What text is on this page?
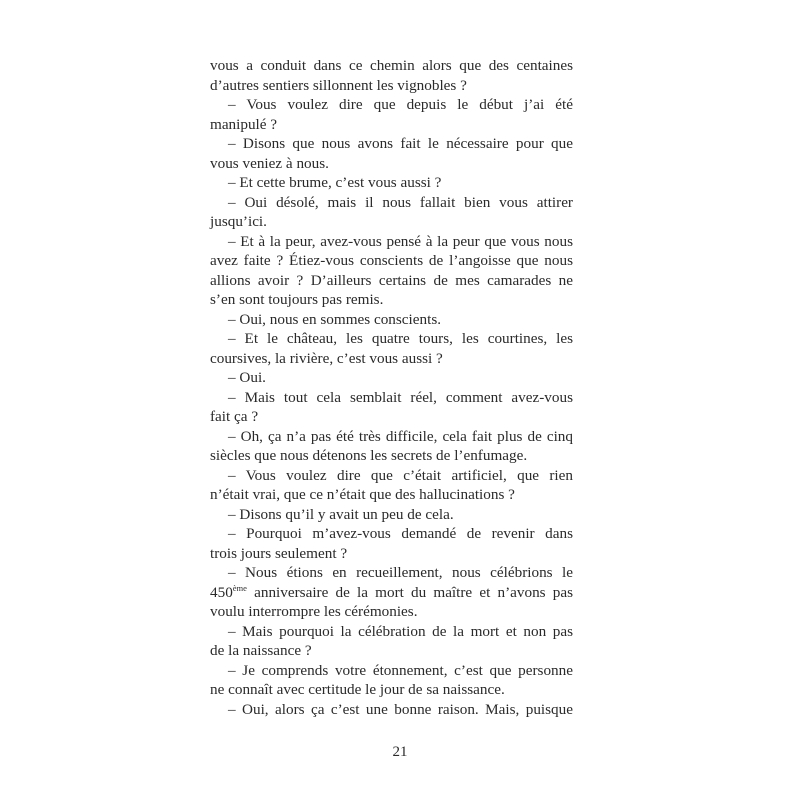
vous a conduit dans ce chemin alors que des centaines
d’autres sentiers sillonnent les vignobles ?
– Vous voulez dire que depuis le début j’ai été
manipulé ?
– Disons que nous avons fait le nécessaire pour que
vous veniez à nous.
– Et cette brume, c’est vous aussi ?
– Oui désolé, mais il nous fallait bien vous attirer
jusqu’ici.
– Et à la peur, avez-vous pensé à la peur que vous nous
avez faite ? Étiez-vous conscients de l’angoisse que nous
allions avoir ? D’ailleurs certains de mes camarades ne
s’en sont toujours pas remis.
– Oui, nous en sommes conscients.
– Et le château, les quatre tours, les courtines, les
coursives, la rivière, c’est vous aussi ?
– Oui.
– Mais tout cela semblait réel, comment avez-vous
fait ça ?
– Oh, ça n’a pas été très difficile, cela fait plus de cinq
siècles que nous détenons les secrets de l’enfumage.
– Vous voulez dire que c’était artificiel, que rien
n’était vrai, que ce n’était que des hallucinations ?
– Disons qu’il y avait un peu de cela.
– Pourquoi m’avez-vous demandé de revenir dans
trois jours seulement ?
– Nous étions en recueillement, nous célébrions le
450ème anniversaire de la mort du maître et n’avons pas
voulu interrompre les cérémonies.
– Mais pourquoi la célébration de la mort et non pas
de la naissance ?
– Je comprends votre étonnement, c’est que personne
ne connaît avec certitude le jour de sa naissance.
– Oui, alors ça c’est une bonne raison. Mais, puisque
21
